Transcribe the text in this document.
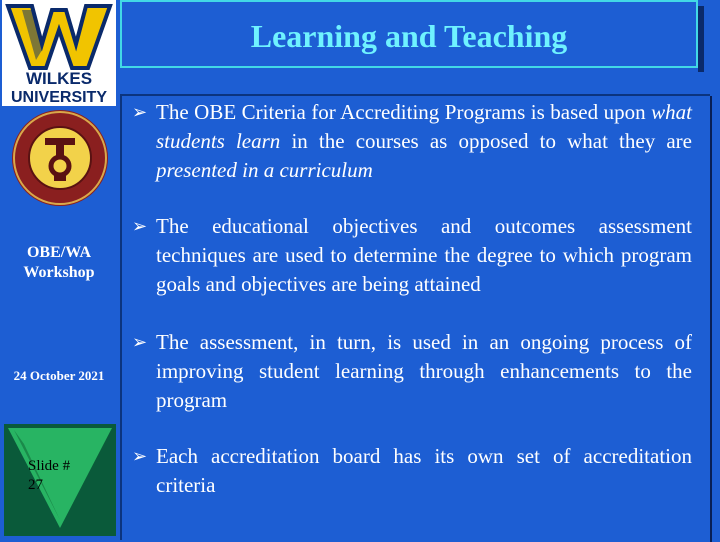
WILKES
UNIVERSITY
OBE/WA
Workshop
24 October 2021
Slide #
27
Learning and Teaching
➢ The OBE Criteria for Accrediting Programs is based upon what students learn in the courses as opposed to what they are presented in a curriculum
➢ The educational objectives and outcomes assessment techniques are used to determine the degree to which program goals and objectives are being attained
➢ The assessment, in turn, is used in an ongoing process of improving student learning through enhancements to the program
➢ Each accreditation board has its own set of accreditation criteria
